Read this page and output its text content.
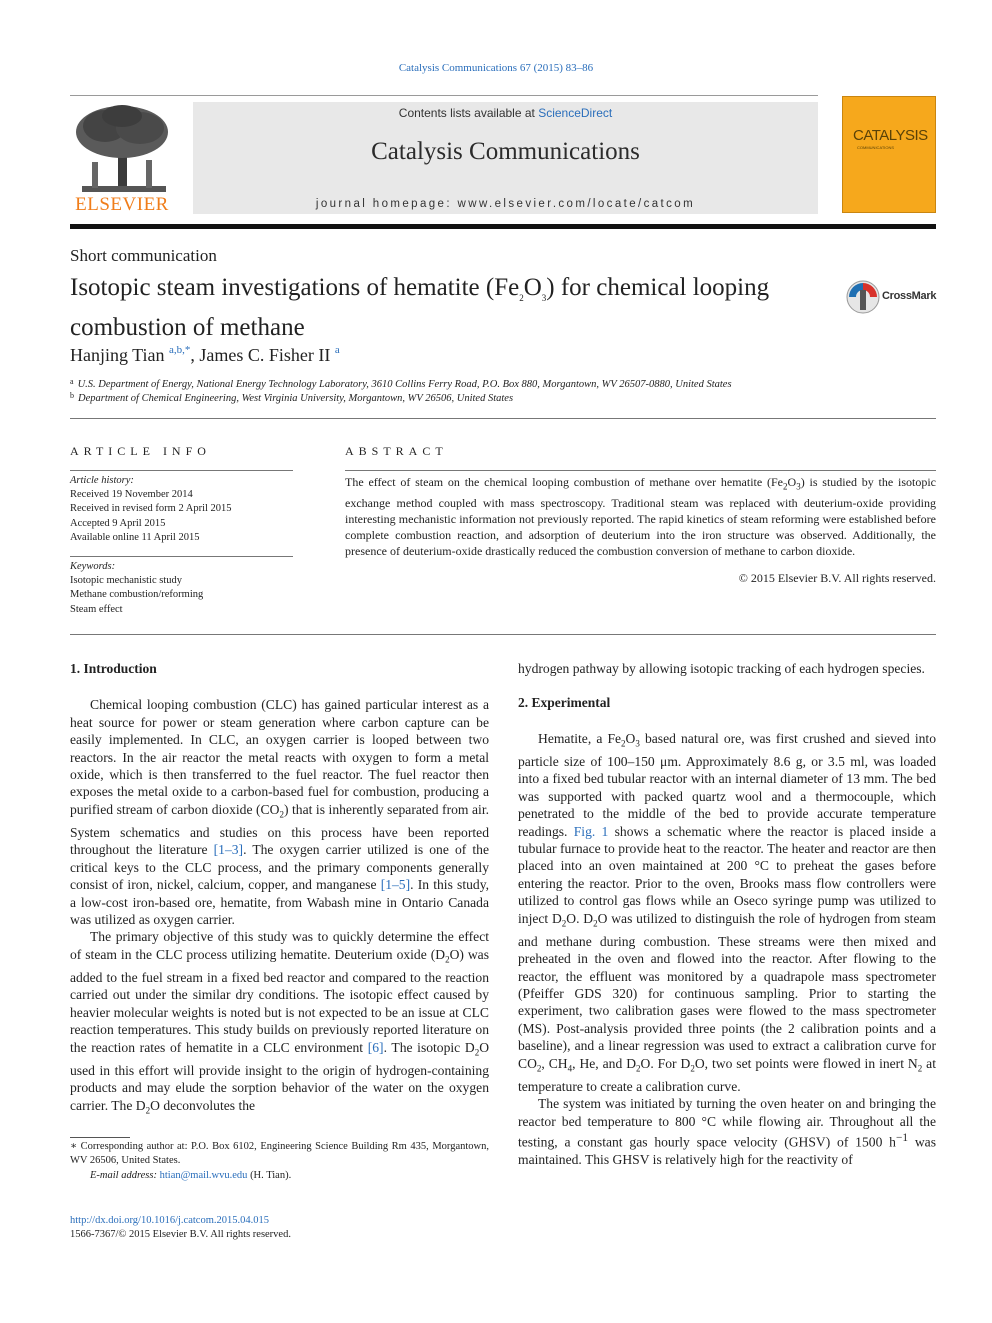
Catalysis Communications 67 (2015) 83–86
ELSEVIER
Contents lists available at ScienceDirect
Catalysis Communications
journal homepage: www.elsevier.com/locate/catcom
CATALYSIS
COMMUNICATIONS
Short communication
Isotopic steam investigations of hematite $(Fe_2O_3)$ for chemical looping combustion of methane
CrossMark
Hanjing Tian $^{a,b,*}$, James C. Fisher II $^a$
$^a$ U.S. Department of Energy, National Energy Technology Laboratory, 3610 Collins Ferry Road, P.O. Box 880, Morgantown, WV 26507-0880, United States
$^b$ Department of Chemical Engineering, West Virginia University, Morgantown, WV 26506, United States
ARTICLE INFO
Article history:
Received 19 November 2014
Received in revised form 2 April 2015
Accepted 9 April 2015
Available online 11 April 2015
Keywords:
Isotopic mechanistic study
Methane combustion/reforming
Steam effect
ABSTRACT
The effect of steam on the chemical looping combustion of methane over hematite $(Fe_2O_3)$ is studied by the isotopic exchange method coupled with mass spectroscopy. Traditional steam was replaced with deuterium-oxide providing interesting mechanistic information not previously reported. The rapid kinetics of steam reforming were established before complete combustion reaction, and adsorption of deuterium into the iron structure was observed. Additionally, the presence of deuterium-oxide drastically reduced the combustion conversion of methane to carbon dioxide.
© 2015 Elsevier B.V. All rights reserved.
1. Introduction

Chemical looping combustion (CLC) has gained particular interest as a heat source for power or steam generation where carbon capture can be easily implemented. In CLC, an oxygen carrier is looped between two reactors. In the air reactor the metal reacts with oxygen to form a metal oxide, which is then transferred to the fuel reactor. The fuel reactor then exposes the metal oxide to a carbon-based fuel for combustion, producing a purified stream of carbon dioxide $(CO_2)$ that is inherently separated from air. System schematics and studies on this process have been reported throughout the literature [1–3]. The oxygen carrier utilized is one of the critical keys to the CLC process, and the primary components generally consist of iron, nickel, calcium, copper, and manganese [1–5]. In this study, a low-cost iron-based ore, hematite, from Wabash mine in Ontario Canada was utilized as oxygen carrier.

The primary objective of this study was to quickly determine the effect of steam in the CLC process utilizing hematite. Deuterium oxide $(D_2O)$ was added to the fuel stream in a fixed bed reactor and compared to the reaction carried out under the similar dry conditions. The isotopic effect caused by heavier molecular weights is noted but is not expected to be an issue at CLC reaction temperatures. This study builds on previously reported literature on the reaction rates of hematite in a CLC environment [6]. The isotopic $D_2O$ used in this effort will provide insight to the origin of hydrogen-containing products and may elude the sorption behavior of the water on the oxygen carrier. The $D_2O$ deconvolutes the

hydrogen pathway by allowing isotopic tracking of each hydrogen species.

2. Experimental

Hematite, a $Fe_2O_3$ based natural ore, was first crushed and sieved into particle size of 100–150 μm. Approximately 8.6 g, or 3.5 ml, was loaded into a fixed bed tubular reactor with an internal diameter of 13 mm. The bed was supported with packed quartz wool and a thermocouple, which penetrated to the middle of the bed to provide accurate temperature readings. Fig. 1 shows a schematic where the reactor is placed inside a tubular furnace to provide heat to the reactor. The heater and reactor are then placed into an oven maintained at 200 °C to preheat the gases before entering the reactor. Prior to the oven, Brooks mass flow controllers were utilized to control gas flows while an Oseco syringe pump was utilized to inject $D_2O$. $D_2O$ was utilized to distinguish the role of hydrogen from steam and methane during combustion. These streams were then mixed and preheated in the oven and flowed into the reactor. After flowing to the reactor, the effluent was monitored by a quadrapole mass spectrometer (Pfeiffer GDS 320) for continuous sampling. Prior to starting the experiment, two calibration gases were flowed to the mass spectrometer (MS). Post-analysis provided three points (the 2 calibration points and a baseline), and a linear regression was used to extract a calibration curve for $CO_2$, $CH_4$, He, and $D_2O$. For $D_2O$, two set points were flowed in inert $N_2$ at temperature to create a calibration curve.

The system was initiated by turning the oven heater on and bringing the reactor bed temperature to 800 °C while flowing air. Throughout all the testing, a constant gas hourly space velocity (GHSV) of 1500 $h^{-1}$ was maintained. This GHSV is relatively high for the reactivity of

∗ Corresponding author at: P.O. Box 6102, Engineering Science Building Rm 435, Morgantown, WV 26506, United States.
E-mail address: htian@mail.wvu.edu (H. Tian).
http://dx.doi.org/10.1016/j.catcom.2015.04.015
1566-7367/© 2015 Elsevier B.V. All rights reserved.
